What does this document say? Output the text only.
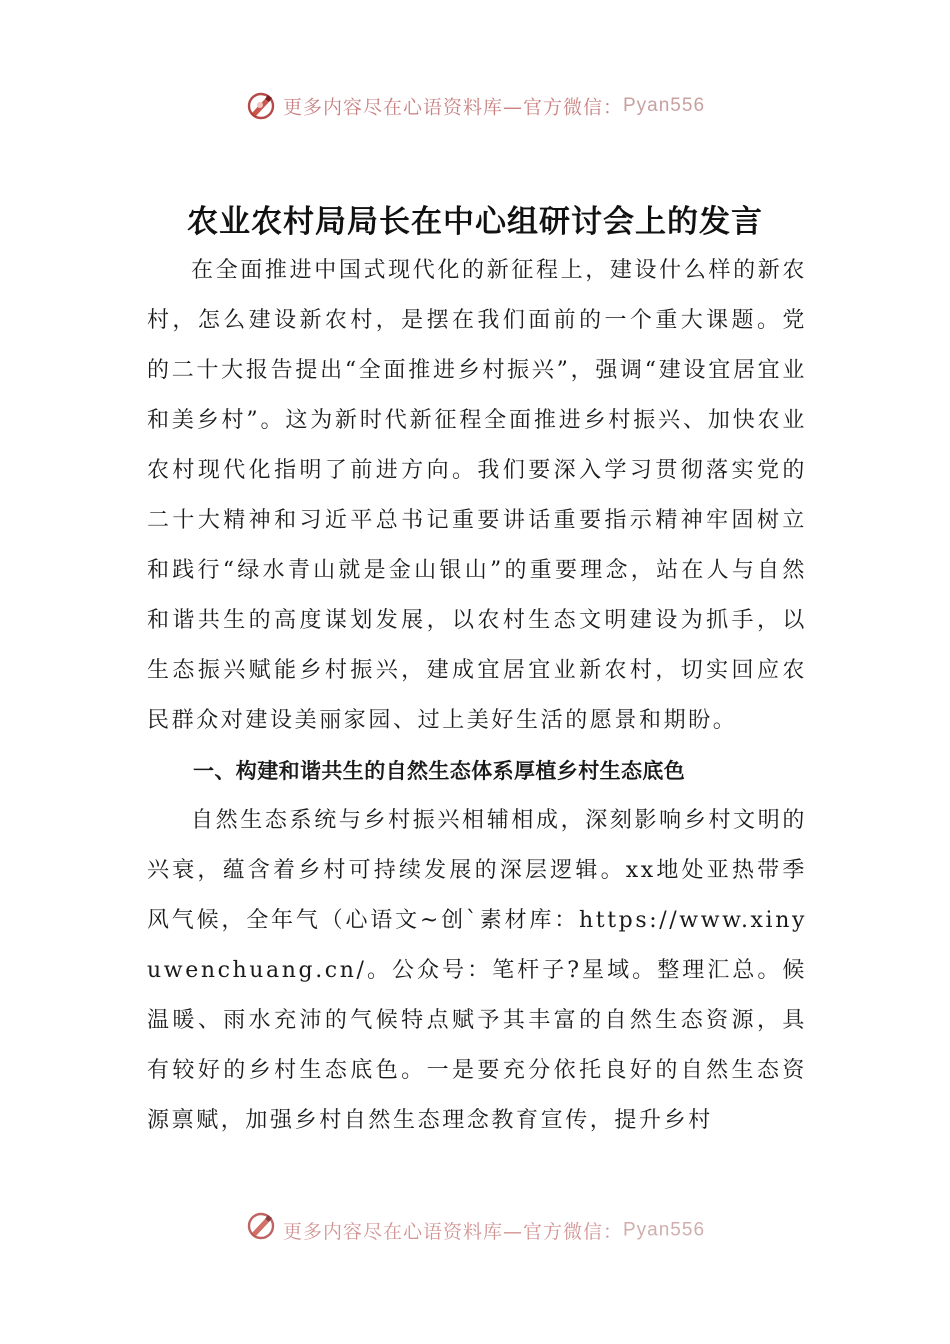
更多内容尽在心语资料库—官方微信：Pyan556
农业农村局局长在中心组研讨会上的发言

在全面推进中国式现代化的新征程上，建设什么样的新农村，怎么建设新农村，是摆在我们面前的一个重大课题。党的二十大报告提出“全面推进乡村振兴”，强调“建设宜居宜业和美乡村”。这为新时代新征程全面推进乡村振兴、加快农业农村现代化指明了前进方向。我们要深入学习贯彻落实党的二十大精神和习近平总书记重要讲话重要指示精神牢固树立和践行“绿水青山就是金山银山”的重要理念，站在人与自然和谐共生的高度谋划发展，以农村生态文明建设为抓手，以生态振兴赋能乡村振兴，建成宜居宜业新农村，切实回应农民群众对建设美丽家园、过上美好生活的愿景和期盼。

一、构建和谐共生的自然生态体系厚植乡村生态底色

自然生态系统与乡村振兴相辅相成，深刻影响乡村文明的兴衰，蕴含着乡村可持续发展的深层逻辑。xx地处亚热带季风气候，全年气（心语文~创`素材库：https://www.xinyuwenchuang.cn/。公众号：笔杆子?星域。整理汇总。候温暖、雨水充沛的气候特点赋予其丰富的自然生态资源，具有较好的乡村生态底色。一是要充分依托良好的自然生态资源禀赋，加强乡村自然生态理念教育宣传，提升乡村

更多内容尽在心语资料库—官方微信：Pyan556
